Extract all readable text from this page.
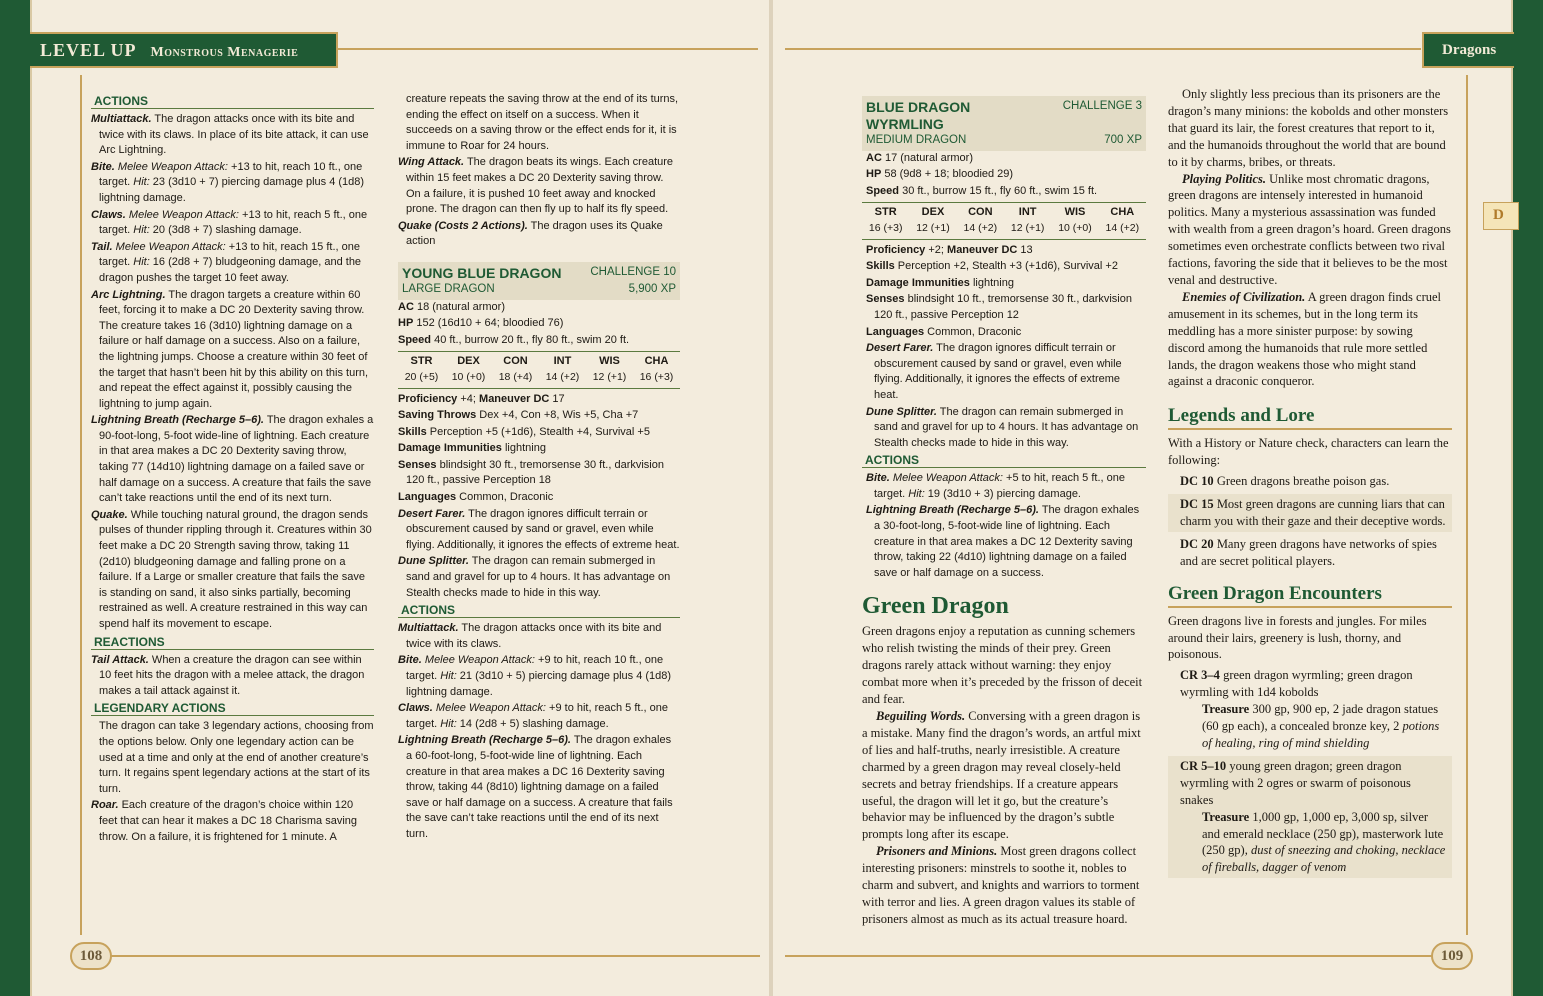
LEVEL UP Monstrous Menagerie	Dragons
D
108	109
ACTIONS

Multiattack. The dragon attacks once with its bite and twice with its claws. In place of its bite attack, it can use Arc Lightning.

Bite. Melee Weapon Attack: +13 to hit, reach 10 ft., one target. Hit: 23 (3d10 + 7) piercing damage plus 4 (1d8) lightning damage.

Claws. Melee Weapon Attack: +13 to hit, reach 5 ft., one target. Hit: 20 (3d8 + 7) slashing damage.

Tail. Melee Weapon Attack: +13 to hit, reach 15 ft., one target. Hit: 16 (2d8 + 7) bludgeoning damage, and the dragon pushes the target 10 feet away.

Arc Lightning. The dragon targets a creature within 60 feet, forcing it to make a DC 20 Dexterity saving throw. The creature takes 16 (3d10) lightning damage on a failure or half damage on a success. Also on a failure, the lightning jumps. Choose a creature within 30 feet of the target that hasn’t been hit by this ability on this turn, and repeat the effect against it, possibly causing the lightning to jump again.

Lightning Breath (Recharge 5–6). The dragon exhales a 90-foot-long, 5-foot wide-line of lightning. Each creature in that area makes a DC 20 Dexterity saving throw, taking 77 (14d10) lightning damage on a failed save or half damage on a success. A creature that fails the save can’t take reactions until the end of its next turn.

Quake. While touching natural ground, the dragon sends pulses of thunder rippling through it. Creatures within 30 feet make a DC 20 Strength saving throw, taking 11 (2d10) bludgeoning damage and falling prone on a failure. If a Large or smaller creature that fails the save is standing on sand, it also sinks partially, becoming restrained as well. A creature restrained in this way can spend half its movement to escape.

REACTIONS

Tail Attack. When a creature the dragon can see within 10 feet hits the dragon with a melee attack, the dragon makes a tail attack against it.

LEGENDARY ACTIONS

The dragon can take 3 legendary actions, choosing from the options below. Only one legendary action can be used at a time and only at the end of another creature’s turn. It regains spent legendary actions at the start of its turn.

Roar. Each creature of the dragon’s choice within 120 feet that can hear it makes a DC 18 Charisma saving throw. On a failure, it is frightened for 1 minute. A

creature repeats the saving throw at the end of its turns, ending the effect on itself on a success. When it succeeds on a saving throw or the effect ends for it, it is immune to Roar for 24 hours.

Wing Attack. The dragon beats its wings. Each creature within 15 feet makes a DC 20 Dexterity saving throw. On a failure, it is pushed 10 feet away and knocked prone. The dragon can then fly up to half its fly speed.

Quake (Costs 2 Actions). The dragon uses its Quake action

CHALLENGE 10
YOUNG BLUE DRAGON
5,900 XP
LARGE DRAGON

AC 18 (natural armor)

HP 152 (16d10 + 64; bloodied 76)

Speed 40 ft., burrow 20 ft., fly 80 ft., swim 20 ft.

STR	DEX	CON	INT	WIS	CHA
20 (+5)	10 (+0)	18 (+4)	14 (+2)	12 (+1)	16 (+3)

Proficiency +4; Maneuver DC 17

Saving Throws Dex +4, Con +8, Wis +5, Cha +7

Skills Perception +5 (+1d6), Stealth +4, Survival +5

Damage Immunities lightning

Senses blindsight 30 ft., tremorsense 30 ft., darkvision 120 ft., passive Perception 18

Languages Common, Draconic

Desert Farer. The dragon ignores difficult terrain or obscurement caused by sand or gravel, even while flying. Additionally, it ignores the effects of extreme heat.

Dune Splitter. The dragon can remain submerged in sand and gravel for up to 4 hours. It has advantage on Stealth checks made to hide in this way.

ACTIONS

Multiattack. The dragon attacks once with its bite and twice with its claws.

Bite. Melee Weapon Attack: +9 to hit, reach 10 ft., one target. Hit: 21 (3d10 + 5) piercing damage plus 4 (1d8) lightning damage.

Claws. Melee Weapon Attack: +9 to hit, reach 5 ft., one target. Hit: 14 (2d8 + 5) slashing damage.

Lightning Breath (Recharge 5–6). The dragon exhales a 60-foot-long, 5-foot-wide line of lightning. Each creature in that area makes a DC 16 Dexterity saving throw, taking 44 (8d10) lightning damage on a failed save or half damage on a success. A creature that fails the save can’t take reactions until the end of its next turn.

CHALLENGE 3
BLUE DRAGON
WYRMLING
700 XP
MEDIUM DRAGON

AC 17 (natural armor)

HP 58 (9d8 + 18; bloodied 29)

Speed 30 ft., burrow 15 ft., fly 60 ft., swim 15 ft.

STR	DEX	CON	INT	WIS	CHA
16 (+3)	12 (+1)	14 (+2)	12 (+1)	10 (+0)	14 (+2)

Proficiency +2; Maneuver DC 13

Skills Perception +2, Stealth +3 (+1d6), Survival +2

Damage Immunities lightning

Senses blindsight 10 ft., tremorsense 30 ft., darkvision 120 ft., passive Perception 12

Languages Common, Draconic

Desert Farer. The dragon ignores difficult terrain or obscurement caused by sand or gravel, even while flying. Additionally, it ignores the effects of extreme heat.

Dune Splitter. The dragon can remain submerged in sand and gravel for up to 4 hours. It has advantage on Stealth checks made to hide in this way.

ACTIONS

Bite. Melee Weapon Attack: +5 to hit, reach 5 ft., one target. Hit: 19 (3d10 + 3) piercing damage.

Lightning Breath (Recharge 5–6). The dragon exhales a 30-foot-long, 5-foot-wide line of lightning. Each creature in that area makes a DC 12 Dexterity saving throw, taking 22 (4d10) lightning damage on a failed save or half damage on a success.

Green Dragon

Green dragons enjoy a reputation as cunning schemers who relish twisting the minds of their prey. Green dragons rarely attack without warning: they enjoy combat more when it’s preceded by the frisson of deceit and fear.

Beguiling Words. Conversing with a green dragon is a mistake. Many find the dragon’s words, an artful mixt of lies and half-truths, nearly irresistible. A creature charmed by a green dragon may reveal closely-held secrets and betray friendships. If a creature appears useful, the dragon will let it go, but the creature’s behavior may be influenced by the dragon’s subtle prompts long after its escape.

Prisoners and Minions. Most green dragons collect interesting prisoners: minstrels to soothe it, nobles to charm and subvert, and knights and warriors to torment with terror and lies. A green dragon values its stable of prisoners almost as much as its actual treasure hoard.

Only slightly less precious than its prisoners are the dragon’s many minions: the kobolds and other monsters that guard its lair, the forest creatures that report to it, and the humanoids throughout the world that are bound to it by charms, bribes, or threats.

Playing Politics. Unlike most chromatic dragons, green dragons are intensely interested in humanoid politics. Many a mysterious assassination was funded with wealth from a green dragon’s hoard. Green dragons sometimes even orchestrate conflicts between two rival factions, favoring the side that it believes to be the most venal and destructive.

Enemies of Civilization. A green dragon finds cruel amusement in its schemes, but in the long term its meddling has a more sinister purpose: by sowing discord among the humanoids that rule more settled lands, the dragon weakens those who might stand against a draconic conqueror.

Legends and Lore

With a History or Nature check, characters can learn the following:

DC 10 Green dragons breathe poison gas.
DC 15 Most green dragons are cunning liars that can charm you with their gaze and their deceptive words.
DC 20 Many green dragons have networks of spies and are secret political players.
Green Dragon Encounters

Green dragons live in forests and jungles. For miles around their lairs, greenery is lush, thorny, and poisonous.

CR 3–4 green dragon wyrmling; green dragon wyrmling with 1d4 kobolds
Treasure 300 gp, 900 ep, 2 jade dragon statues (60 gp each), a concealed bronze key, 2 potions of healing, ring of mind shielding
CR 5–10 young green dragon; green dragon wyrmling with 2 ogres or swarm of poisonous snakes
Treasure 1,000 gp, 1,000 ep, 3,000 sp, silver and emerald necklace (250 gp), masterwork lute (250 gp), dust of sneezing and choking, necklace of fireballs, dagger of venom
